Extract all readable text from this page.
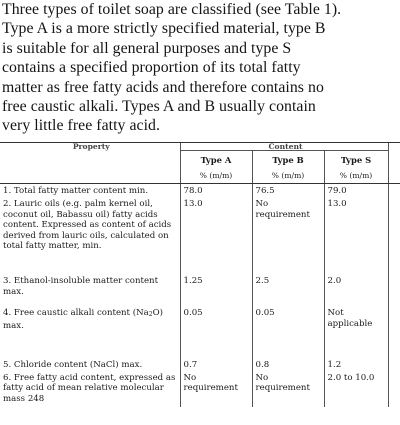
Three types of toilet soap are classified (see Table 1).
Type A is a more strictly specified material, type B
is suitable for all general purposes and type S
contains a specified proportion of its total fatty
matter as free fatty acids and therefore contains no
free caustic alkali. Types A and B usually contain
very little free fatty acid.

Property	Content			
	Type A	Type B	Type S	
	% (m/m)	% (m/m)	% (m/m)	
1. Total fatty matter content min.	78.0	76.5	79.0	
2. Lauric oils (e.g. palm kernel oil, coconut oil, Babassu oil) fatty acids content. Expressed as content of acids derived from lauric oils, calculated on total fatty matter, min.	13.0	No requirement	13.0	
3. Ethanol-insoluble matter content max.	1.25	2.5	2.0	
4. Free caustic alkali content $(Na_2O)$ max.	0.05	0.05	Not applicable	
5. Chloride content (NaCl) max.	0.7	0.8	1.2	
6. Free fatty acid content, expressed as fatty acid of mean relative molecular mass 248	No requirement	No requirement	2.0 to 10.0	
